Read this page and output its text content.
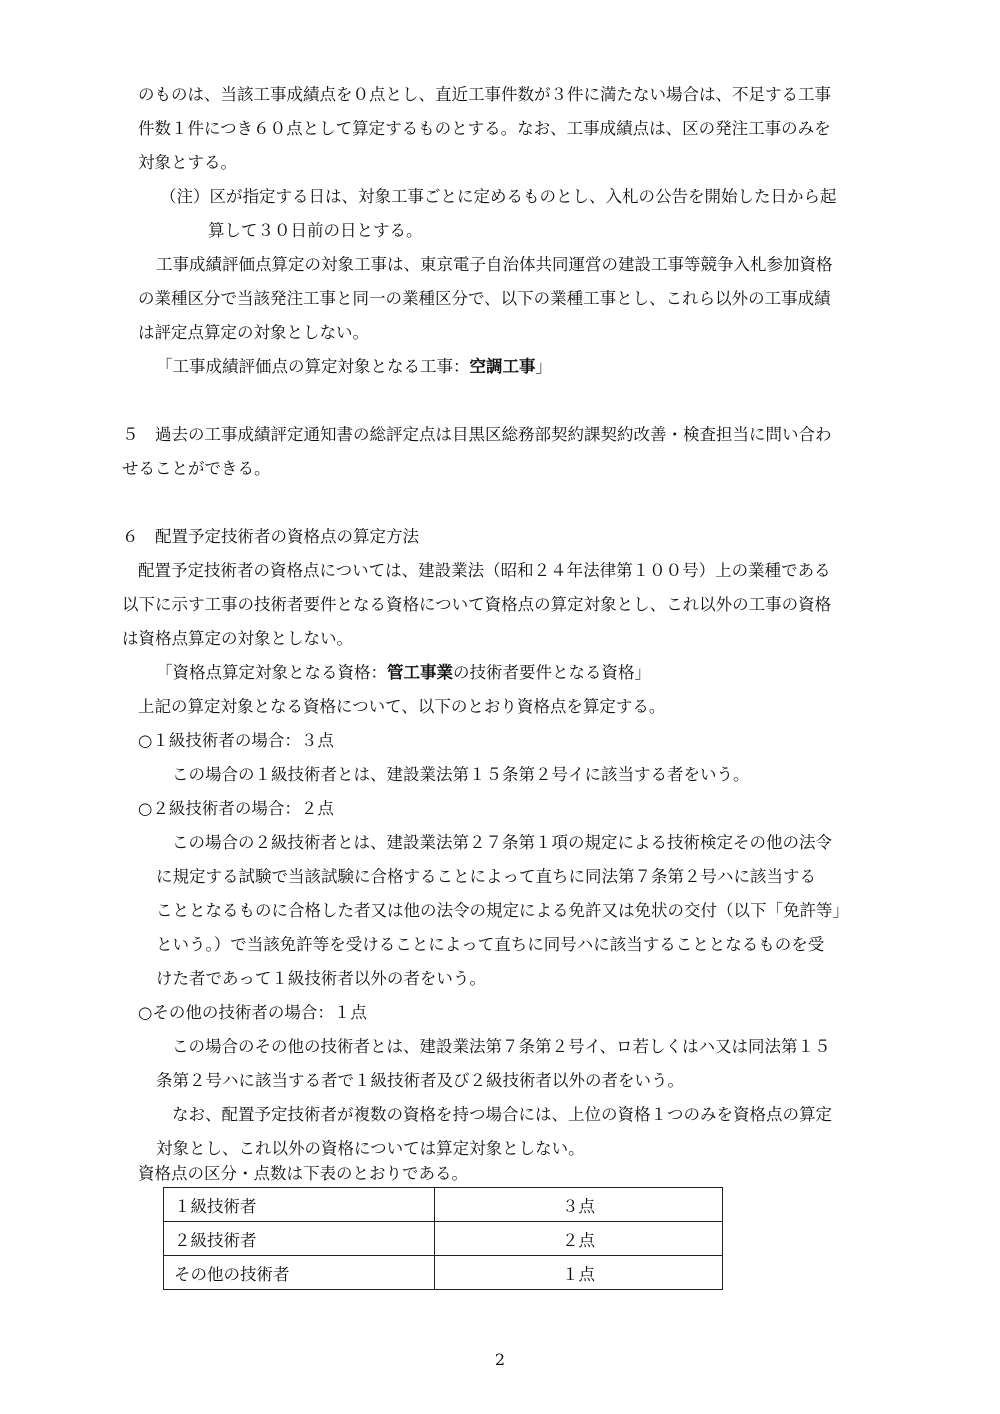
のものは、当該工事成績点を０点とし、直近工事件数が３件に満たない場合は、不足する工事
件数１件につき６０点として算定するものとする。なお、工事成績点は、区の発注工事のみを
対象とする。
（注）区が指定する日は、対象工事ごとに定めるものとし、入札の公告を開始した日から起
算して３０日前の日とする。
工事成績評価点算定の対象工事は、東京電子自治体共同運営の建設工事等競争入札参加資格
の業種区分で当該発注工事と同一の業種区分で、以下の業種工事とし、これら以外の工事成績
は評定点算定の対象としない。
「工事成績評価点の算定対象となる工事：空調工事」
５　過去の工事成績評定通知書の総評定点は目黒区総務部契約課契約改善・検査担当に問い合わ
せることができる。
６　配置予定技術者の資格点の算定方法
配置予定技術者の資格点については、建設業法（昭和２４年法律第１００号）上の業種である
以下に示す工事の技術者要件となる資格について資格点の算定対象とし、これ以外の工事の資格
は資格点算定の対象としない。
「資格点算定対象となる資格：管工事業の技術者要件となる資格」
上記の算定対象となる資格について、以下のとおり資格点を算定する。
○１級技術者の場合：３点
この場合の１級技術者とは、建設業法第１５条第２号イに該当する者をいう。
○２級技術者の場合：２点
この場合の２級技術者とは、建設業法第２７条第１項の規定による技術検定その他の法令
に規定する試験で当該試験に合格することによって直ちに同法第７条第２号ハに該当する
こととなるものに合格した者又は他の法令の規定による免許又は免状の交付（以下「免許等」
という。）で当該免許等を受けることによって直ちに同号ハに該当することとなるものを受
けた者であって１級技術者以外の者をいう。
○その他の技術者の場合：１点
この場合のその他の技術者とは、建設業法第７条第２号イ、ロ若しくはハ又は同法第１５
条第２号ハに該当する者で１級技術者及び２級技術者以外の者をいう。
なお、配置予定技術者が複数の資格を持つ場合には、上位の資格１つのみを資格点の算定
対象とし、これ以外の資格については算定対象としない。
資格点の区分・点数は下表のとおりである。
１級技術者	３点
２級技術者	２点
その他の技術者	１点
2
